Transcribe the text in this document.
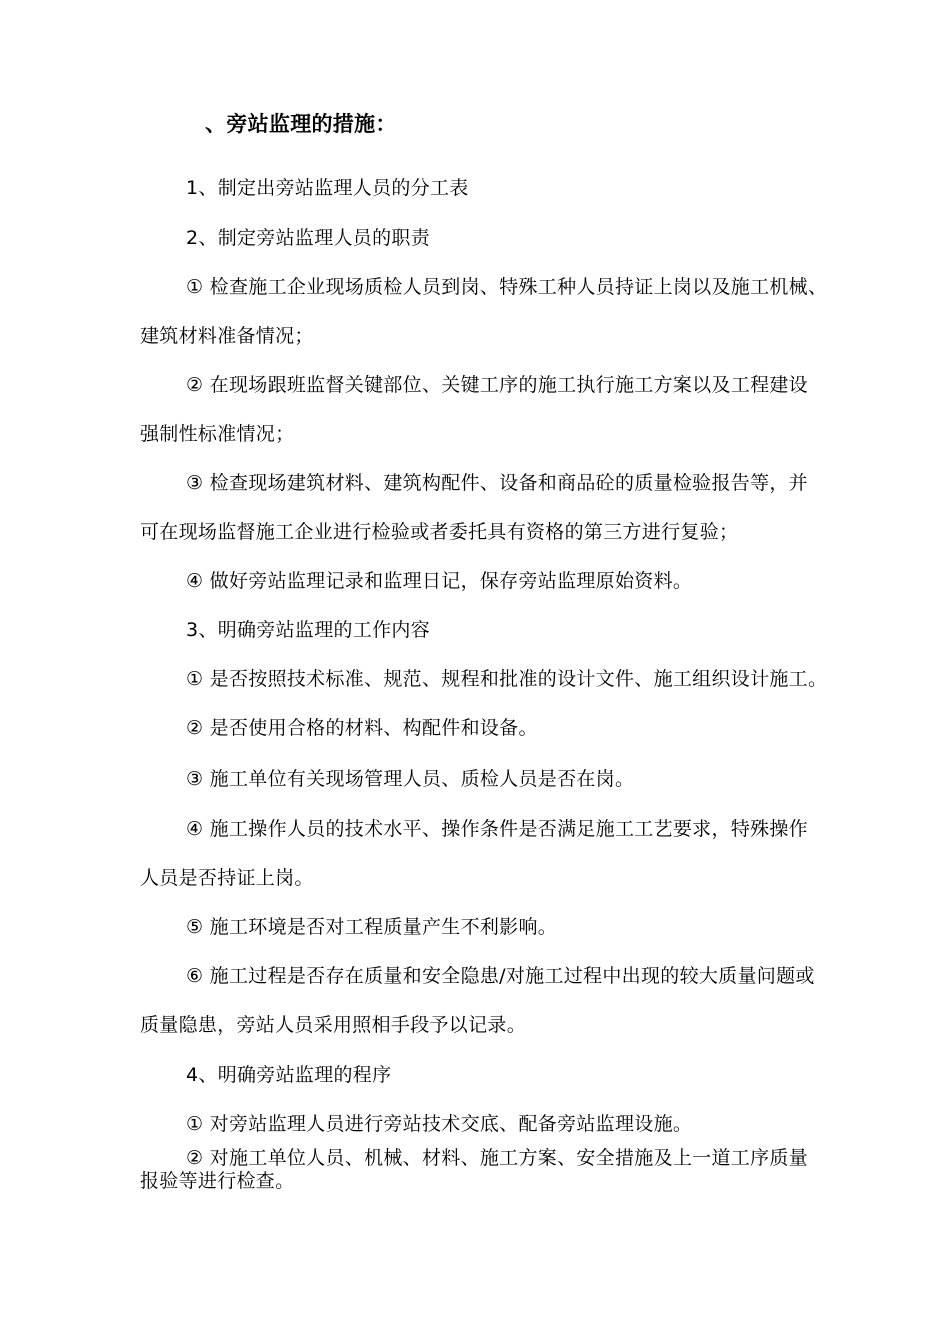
、旁站监理的措施：
1、制定出旁站监理人员的分工表
2、制定旁站监理人员的职责
① 检查施工企业现场质检人员到岗、特殊工种人员持证上岗以及施工机械、
建筑材料准备情况；
② 在现场跟班监督关键部位、关键工序的施工执行施工方案以及工程建设
强制性标准情况；
③ 检查现场建筑材料、建筑构配件、设备和商品砼的质量检验报告等，并
可在现场监督施工企业进行检验或者委托具有资格的第三方进行复验；
④ 做好旁站监理记录和监理日记，保存旁站监理原始资料。
3、明确旁站监理的工作内容
① 是否按照技术标准、规范、规程和批准的设计文件、施工组织设计施工。
② 是否使用合格的材料、构配件和设备。
③ 施工单位有关现场管理人员、质检人员是否在岗。
④ 施工操作人员的技术水平、操作条件是否满足施工工艺要求，特殊操作
人员是否持证上岗。
⑤ 施工环境是否对工程质量产生不利影响。
⑥ 施工过程是否存在质量和安全隐患/对施工过程中出现的较大质量问题或
质量隐患，旁站人员采用照相手段予以记录。
4、明确旁站监理的程序
① 对旁站监理人员进行旁站技术交底、配备旁站监理设施。
② 对施工单位人员、机械、材料、施工方案、安全措施及上一道工序质量
报验等进行检查。
